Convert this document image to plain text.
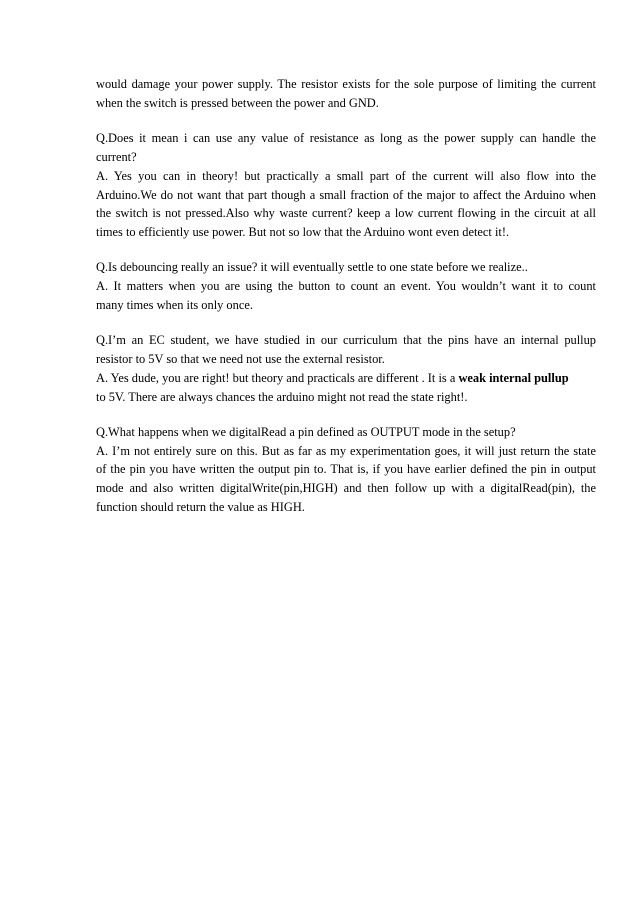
would damage your power supply. The resistor exists for the sole purpose of limiting the current
when the switch is pressed between the power and GND.

Q.Does it mean i can use any value of resistance as long as the power supply can handle the
current?
A. Yes you can in theory! but practically a small part of the current will also flow into the
Arduino.We do not want that part though a small fraction of the major to affect the Arduino when
the switch is not pressed.Also why waste current? keep a low current flowing in the circuit at all
times to efficiently use power. But not so low that the Arduino wont even detect it!.

Q.Is debouncing really an issue? it will eventually settle to one state before we realize..
A. It matters when you are using the button to count an event. You wouldn’t want it to count
many times when its only once.

Q.I’m an EC student, we have studied in our curriculum that the pins have an internal pullup
resistor to 5V so that we need not use the external resistor.
A. Yes dude, you are right! but theory and practicals are different . It is a weak internal pullup
to 5V. There are always chances the arduino might not read the state right!.

Q.What happens when we digitalRead a pin defined as OUTPUT mode in the setup?
A. I’m not entirely sure on this. But as far as my experimentation goes, it will just return the state
of the pin you have written the output pin to. That is, if you have earlier defined the pin in output
mode and also written digitalWrite(pin,HIGH) and then follow up with a digitalRead(pin), the
function should return the value as HIGH.
